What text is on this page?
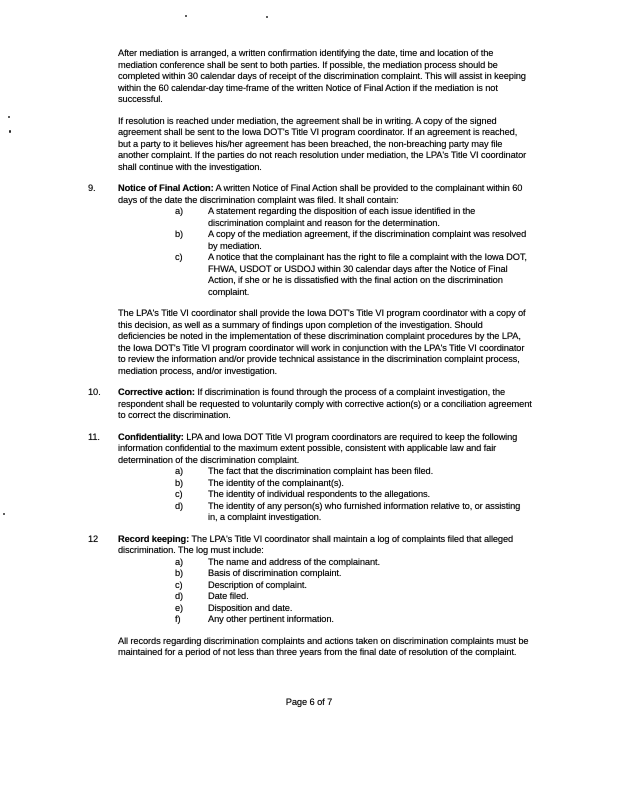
After mediation is arranged, a written confirmation identifying the date, time and location of the mediation conference shall be sent to both parties. If possible, the mediation process should be completed within 30 calendar days of receipt of the discrimination complaint. This will assist in keeping within the 60 calendar-day time-frame of the written Notice of Final Action if the mediation is not successful.

If resolution is reached under mediation, the agreement shall be in writing. A copy of the signed agreement shall be sent to the Iowa DOT's Title VI program coordinator. If an agreement is reached, but a party to it believes his/her agreement has been breached, the non-breaching party may file another complaint. If the parties do not reach resolution under mediation, the LPA's Title VI coordinator shall continue with the investigation.

9.	Notice of Final Action: A written Notice of Final Action shall be provided to the complainant within 60 days of the date the discrimination complaint was filed. It shall contain:

a)	A statement regarding the disposition of each issue identified in the discrimination complaint and reason for the determination.
b)	A copy of the mediation agreement, if the discrimination complaint was resolved by mediation.
c)	A notice that the complainant has the right to file a complaint with the Iowa DOT, FHWA, USDOT or USDOJ within 30 calendar days after the Notice of Final Action, if she or he is dissatisfied with the final action on the discrimination complaint.

The LPA's Title VI coordinator shall provide the Iowa DOT's Title VI program coordinator with a copy of this decision, as well as a summary of findings upon completion of the investigation. Should deficiencies be noted in the implementation of these discrimination complaint procedures by the LPA, the Iowa DOT's Title VI program coordinator will work in conjunction with the LPA's Title VI coordinator to review the information and/or provide technical assistance in the discrimination complaint process, mediation process, and/or investigation.

10.	Corrective action: If discrimination is found through the process of a complaint investigation, the respondent shall be requested to voluntarily comply with corrective action(s) or a conciliation agreement to correct the discrimination.

11.	Confidentiality: LPA and Iowa DOT Title VI program coordinators are required to keep the following information confidential to the maximum extent possible, consistent with applicable law and fair determination of the discrimination complaint.

a)	The fact that the discrimination complaint has been filed.
b)	The identity of the complainant(s).
c)	The identity of individual respondents to the allegations.
d)	The identity of any person(s) who furnished information relative to, or assisting in, a complaint investigation.
12	Record keeping: The LPA's Title VI coordinator shall maintain a log of complaints filed that alleged discrimination. The log must include:

a)	The name and address of the complainant.
b)	Basis of discrimination complaint.
c)	Description of complaint.
d)	Date filed.
e)	Disposition and date.
f)	Any other pertinent information.

All records regarding discrimination complaints and actions taken on discrimination complaints must be maintained for a period of not less than three years from the final date of resolution of the complaint.

Page 6 of 7
